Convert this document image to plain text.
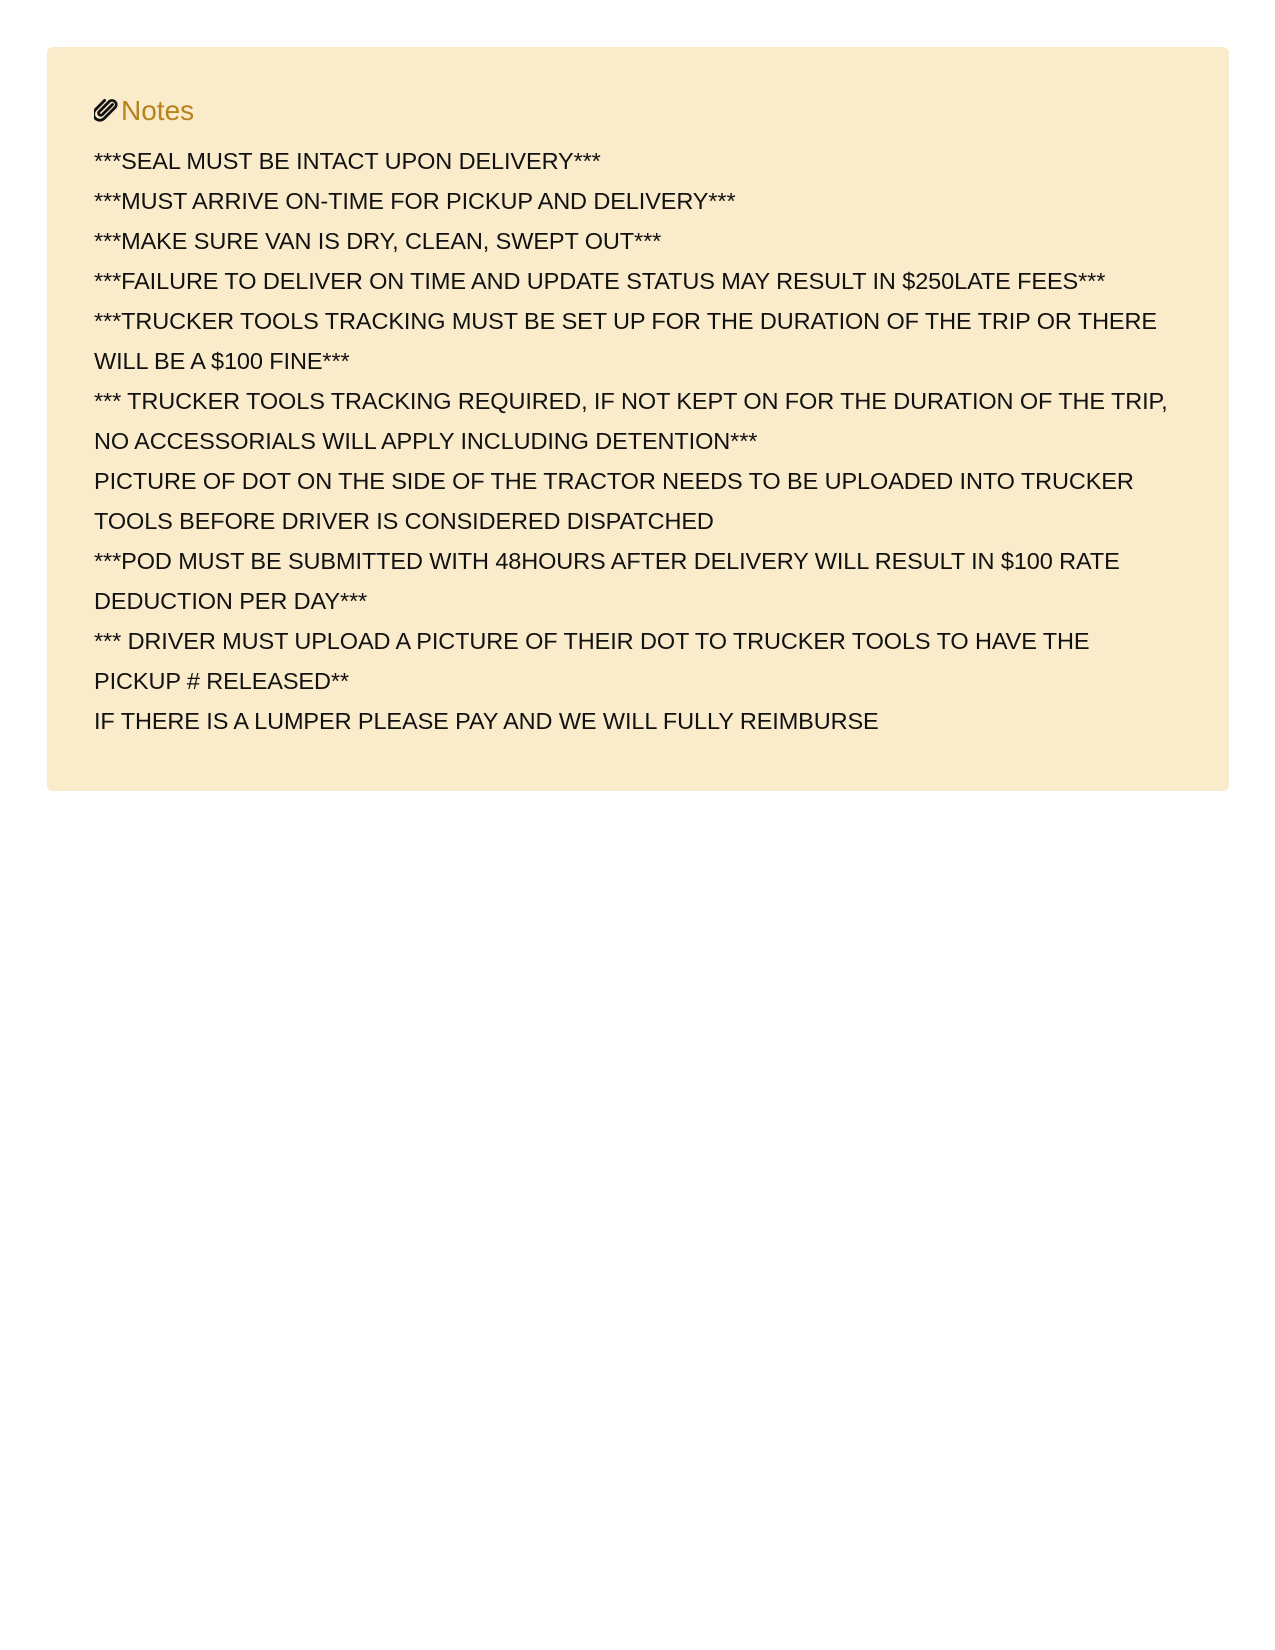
Notes
***SEAL MUST BE INTACT UPON DELIVERY***
***MUST ARRIVE ON-TIME FOR PICKUP AND DELIVERY***
***MAKE SURE VAN IS DRY, CLEAN, SWEPT OUT***
***FAILURE TO DELIVER ON TIME AND UPDATE STATUS MAY RESULT IN $250LATE FEES***
***TRUCKER TOOLS TRACKING MUST BE SET UP FOR THE DURATION OF THE TRIP OR THERE WILL BE A $100 FINE***
*** TRUCKER TOOLS TRACKING REQUIRED, IF NOT KEPT ON FOR THE DURATION OF THE TRIP, NO ACCESSORIALS WILL APPLY INCLUDING DETENTION***
PICTURE OF DOT ON THE SIDE OF THE TRACTOR NEEDS TO BE UPLOADED INTO TRUCKER TOOLS BEFORE DRIVER IS CONSIDERED DISPATCHED
***POD MUST BE SUBMITTED WITH 48HOURS AFTER DELIVERY WILL RESULT IN $100 RATE DEDUCTION PER DAY***
*** DRIVER MUST UPLOAD A PICTURE OF THEIR DOT TO TRUCKER TOOLS TO HAVE THE PICKUP # RELEASED**
IF THERE IS A LUMPER PLEASE PAY AND WE WILL FULLY REIMBURSE
